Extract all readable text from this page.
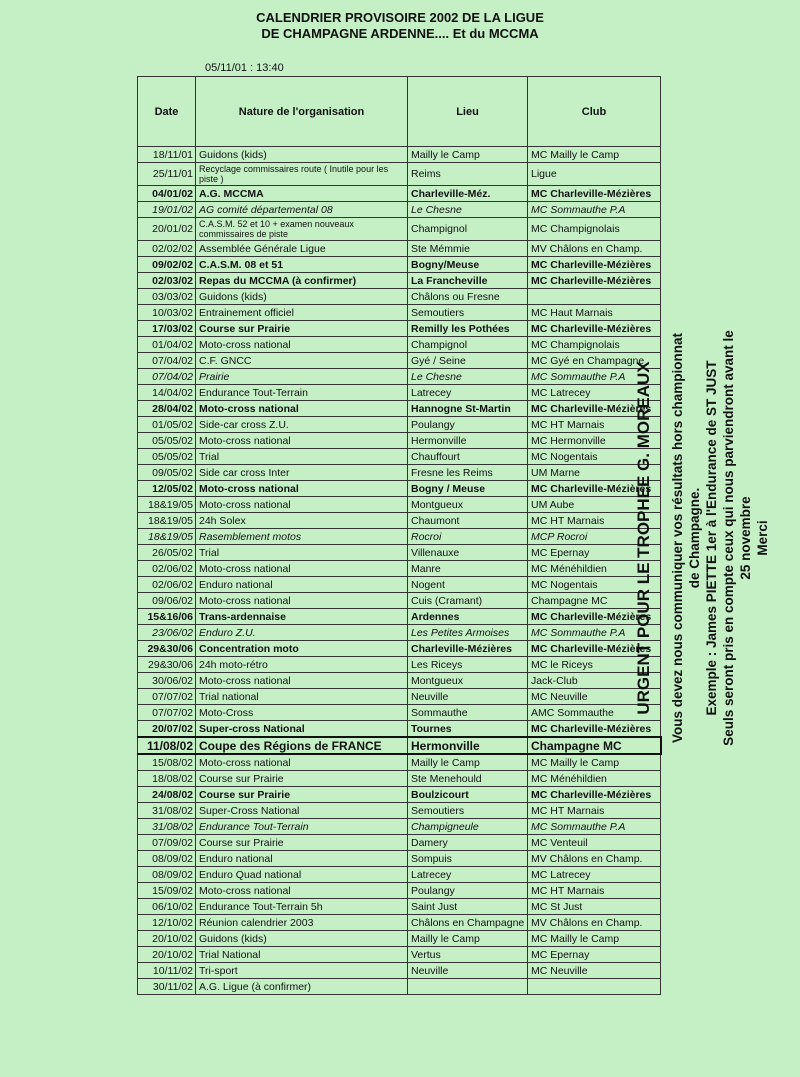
CALENDRIER PROVISOIRE 2002 DE LA LIGUE
DE CHAMPAGNE ARDENNE.... Et du MCCMA
05/11/01 : 13:40
Date	Nature de l'organisation	Lieu	Club
18/11/01	Guidons (kids)	Mailly le Camp	MC Mailly le Camp
25/11/01	Recyclage commissaires route ( Inutile pour les piste )	Reims	Ligue
04/01/02	A.G. MCCMA	Charleville-Méz.	MC Charleville-Mézières
19/01/02	AG comité départemental 08	Le Chesne	MC Sommauthe P.A
20/01/02	C.A.S.M. 52 et 10 + examen nouveaux commissaires de piste	Champignol	MC Champignolais
02/02/02	Assemblée Générale Ligue	Ste Mémmie	MV Châlons en Champ.
09/02/02	C.A.S.M. 08 et 51	Bogny/Meuse	MC Charleville-Mézières
02/03/02	Repas du MCCMA (à confirmer)	La Francheville	MC Charleville-Mézières
03/03/02	Guidons (kids)	Châlons ou Fresne	
10/03/02	Entrainement officiel	Semoutiers	MC Haut Marnais
17/03/02	Course sur Prairie	Remilly les Pothées	MC Charleville-Mézières
01/04/02	Moto-cross national	Champignol	MC Champignolais
07/04/02	C.F. GNCC	Gyé / Seine	MC Gyé en Champagne
07/04/02	Prairie	Le Chesne	MC Sommauthe P.A
14/04/02	Endurance Tout-Terrain	Latrecey	MC Latrecey
28/04/02	Moto-cross national	Hannogne St-Martin	MC Charleville-Mézières
01/05/02	Side-car cross Z.U.	Poulangy	MC HT Marnais
05/05/02	Moto-cross national	Hermonville	MC Hermonville
05/05/02	Trial	Chauffourt	MC Nogentais
09/05/02	Side car cross Inter	Fresne les Reims	UM Marne
12/05/02	Moto-cross national	Bogny / Meuse	MC Charleville-Mézières
18&19/05	Moto-cross national	Montgueux	UM Aube
18&19/05	24h Solex	Chaumont	MC HT Marnais
18&19/05	Rasemblement motos	Rocroi	MCP Rocroi
26/05/02	Trial	Villenauxe	MC Epernay
02/06/02	Moto-cross national	Manre	MC Ménéhildien
02/06/02	Enduro national	Nogent	MC Nogentais
09/06/02	Moto-cross national	Cuis (Cramant)	Champagne MC
15&16/06	Trans-ardennaise	Ardennes	MC Charleville-Mézières
23/06/02	Enduro Z.U.	Les Petites Armoises	MC Sommauthe P.A
29&30/06	Concentration moto	Charleville-Mézières	MC Charleville-Mézières
29&30/06	24h moto-rétro	Les Riceys	MC le Riceys
30/06/02	Moto-cross national	Montgueux	Jack-Club
07/07/02	Trial national	Neuville	MC Neuville
07/07/02	Moto-Cross	Sommauthe	AMC Sommauthe
20/07/02	Super-cross National	Tournes	MC Charleville-Mézières
11/08/02	Coupe des Régions de FRANCE	Hermonville	Champagne MC
15/08/02	Moto-cross national	Mailly le Camp	MC Mailly le Camp
18/08/02	Course sur Prairie	Ste Menehould	MC Ménéhildien
24/08/02	Course sur Prairie	Boulzicourt	MC Charleville-Mézières
31/08/02	Super-Cross National	Semoutiers	MC HT Marnais
31/08/02	Endurance Tout-Terrain	Champigneule	MC Sommauthe P.A
07/09/02	Course sur Prairie	Damery	MC Venteuil
08/09/02	Enduro national	Sompuis	MV Châlons en Champ.
08/09/02	Enduro Quad national	Latrecey	MC Latrecey
15/09/02	Moto-cross national	Poulangy	MC HT Marnais
06/10/02	Endurance Tout-Terrain 5h	Saint Just	MC St Just
12/10/02	Réunion calendrier 2003	Châlons en Champagne	MV Châlons en Champ.
20/10/02	Guidons (kids)	Mailly le Camp	MC Mailly le Camp
20/10/02	Trial National	Vertus	MC Epernay
10/11/02	Tri-sport	Neuville	MC Neuville
30/11/02	A.G. Ligue (à confirmer)		
URGENT POUR LE TROPHEE G. MOREAUX Vous devez nous communiquer vos résultats hors championnat de Champagne. Exemple : James PIETTE 1er à l'Endurance de ST JUST Seuls seront pris en compte ceux qui nous parviendront avant le 25 novembre Merci
